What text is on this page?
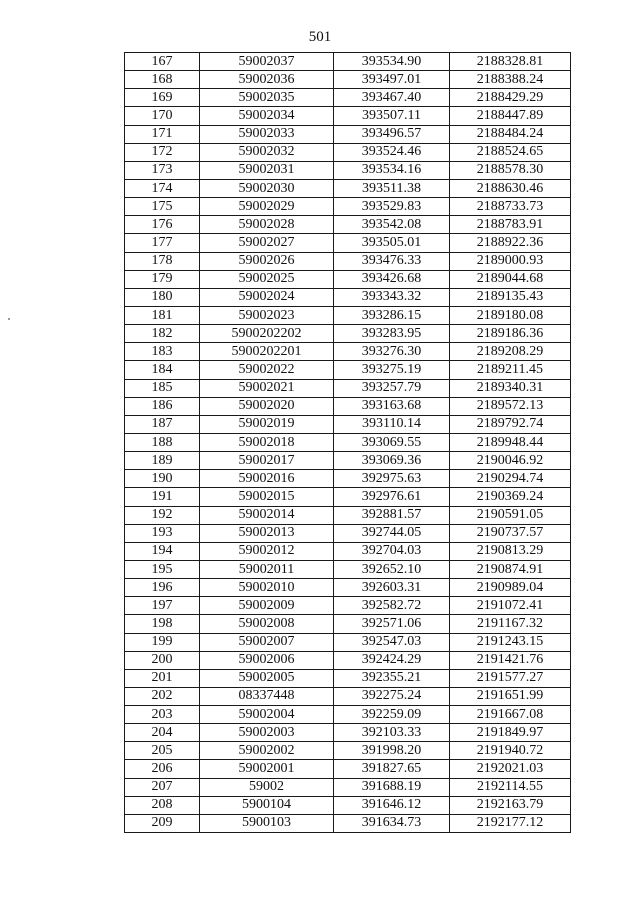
501
167	59002037	393534.90	2188328.81
168	59002036	393497.01	2188388.24
169	59002035	393467.40	2188429.29
170	59002034	393507.11	2188447.89
171	59002033	393496.57	2188484.24
172	59002032	393524.46	2188524.65
173	59002031	393534.16	2188578.30
174	59002030	393511.38	2188630.46
175	59002029	393529.83	2188733.73
176	59002028	393542.08	2188783.91
177	59002027	393505.01	2188922.36
178	59002026	393476.33	2189000.93
179	59002025	393426.68	2189044.68
180	59002024	393343.32	2189135.43
181	59002023	393286.15	2189180.08
182	5900202202	393283.95	2189186.36
183	5900202201	393276.30	2189208.29
184	59002022	393275.19	2189211.45
185	59002021	393257.79	2189340.31
186	59002020	393163.68	2189572.13
187	59002019	393110.14	2189792.74
188	59002018	393069.55	2189948.44
189	59002017	393069.36	2190046.92
190	59002016	392975.63	2190294.74
191	59002015	392976.61	2190369.24
192	59002014	392881.57	2190591.05
193	59002013	392744.05	2190737.57
194	59002012	392704.03	2190813.29
195	59002011	392652.10	2190874.91
196	59002010	392603.31	2190989.04
197	59002009	392582.72	2191072.41
198	59002008	392571.06	2191167.32
199	59002007	392547.03	2191243.15
200	59002006	392424.29	2191421.76
201	59002005	392355.21	2191577.27
202	08337448	392275.24	2191651.99
203	59002004	392259.09	2191667.08
204	59002003	392103.33	2191849.97
205	59002002	391998.20	2191940.72
206	59002001	391827.65	2192021.03
207	59002	391688.19	2192114.55
208	5900104	391646.12	2192163.79
209	5900103	391634.73	2192177.12
